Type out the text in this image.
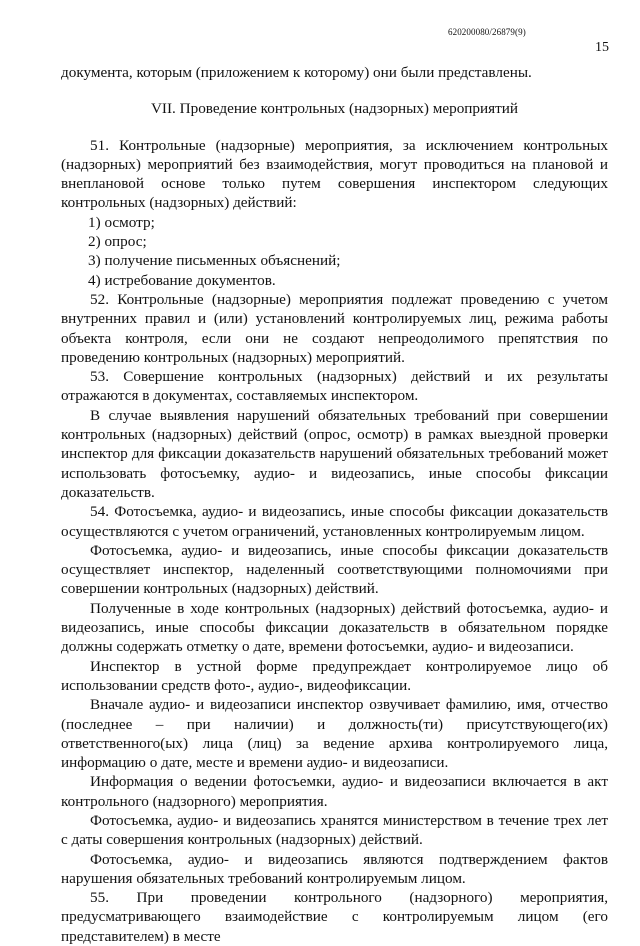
620200080/26879(9)
15

документа, которым (приложением к которому) они были представлены.

VII. Проведение контрольных (надзорных) мероприятий

51. Контрольные (надзорные) мероприятия, за исключением контрольных (надзорных) мероприятий без взаимодействия, могут проводиться на плановой и внеплановой основе только путем совершения инспектором следующих контрольных (надзорных) действий:

1) осмотр;

2) опрос;

3) получение письменных объяснений;

4) истребование документов.

52. Контрольные (надзорные) мероприятия подлежат проведению с учетом внутренних правил и (или) установлений контролируемых лиц, режима работы объекта контроля, если они не создают непреодолимого препятствия по проведению контрольных (надзорных) мероприятий.

53. Совершение контрольных (надзорных) действий и их результаты отражаются в документах, составляемых инспектором.

В случае выявления нарушений обязательных требований при совершении контрольных (надзорных) действий (опрос, осмотр) в рамках выездной проверки инспектор для фиксации доказательств нарушений обязательных требований может использовать фотосъемку, аудио- и видеозапись, иные способы фиксации доказательств.

54. Фотосъемка, аудио- и видеозапись, иные способы фиксации доказательств осуществляются с учетом ограничений, установленных контролируемым лицом.

Фотосъемка, аудио- и видеозапись, иные способы фиксации доказательств осуществляет инспектор, наделенный соответствующими полномочиями при совершении контрольных (надзорных) действий.

Полученные в ходе контрольных (надзорных) действий фотосъемка, аудио- и видеозапись, иные способы фиксации доказательств в обязательном порядке должны содержать отметку о дате, времени фотосъемки, аудио- и видеозаписи.

Инспектор в устной форме предупреждает контролируемое лицо об использовании средств фото-, аудио-, видеофиксации.

Вначале аудио- и видеозаписи инспектор озвучивает фамилию, имя, отчество (последнее – при наличии) и должность(ти) присутствующего(их) ответственного(ых) лица (лиц) за ведение архива контролируемого лица, информацию о дате, месте и времени аудио- и видеозаписи.

Информация о ведении фотосъемки, аудио- и видеозаписи включается в акт контрольного (надзорного) мероприятия.

Фотосъемка, аудио- и видеозапись хранятся министерством в течение трех лет с даты совершения контрольных (надзорных) действий.

Фотосъемка, аудио- и видеозапись являются подтверждением фактов нарушения обязательных требований контролируемым лицом.

55. При проведении контрольного (надзорного) мероприятия, предусматривающего взаимодействие с контролируемым лицом (его представителем) в месте
